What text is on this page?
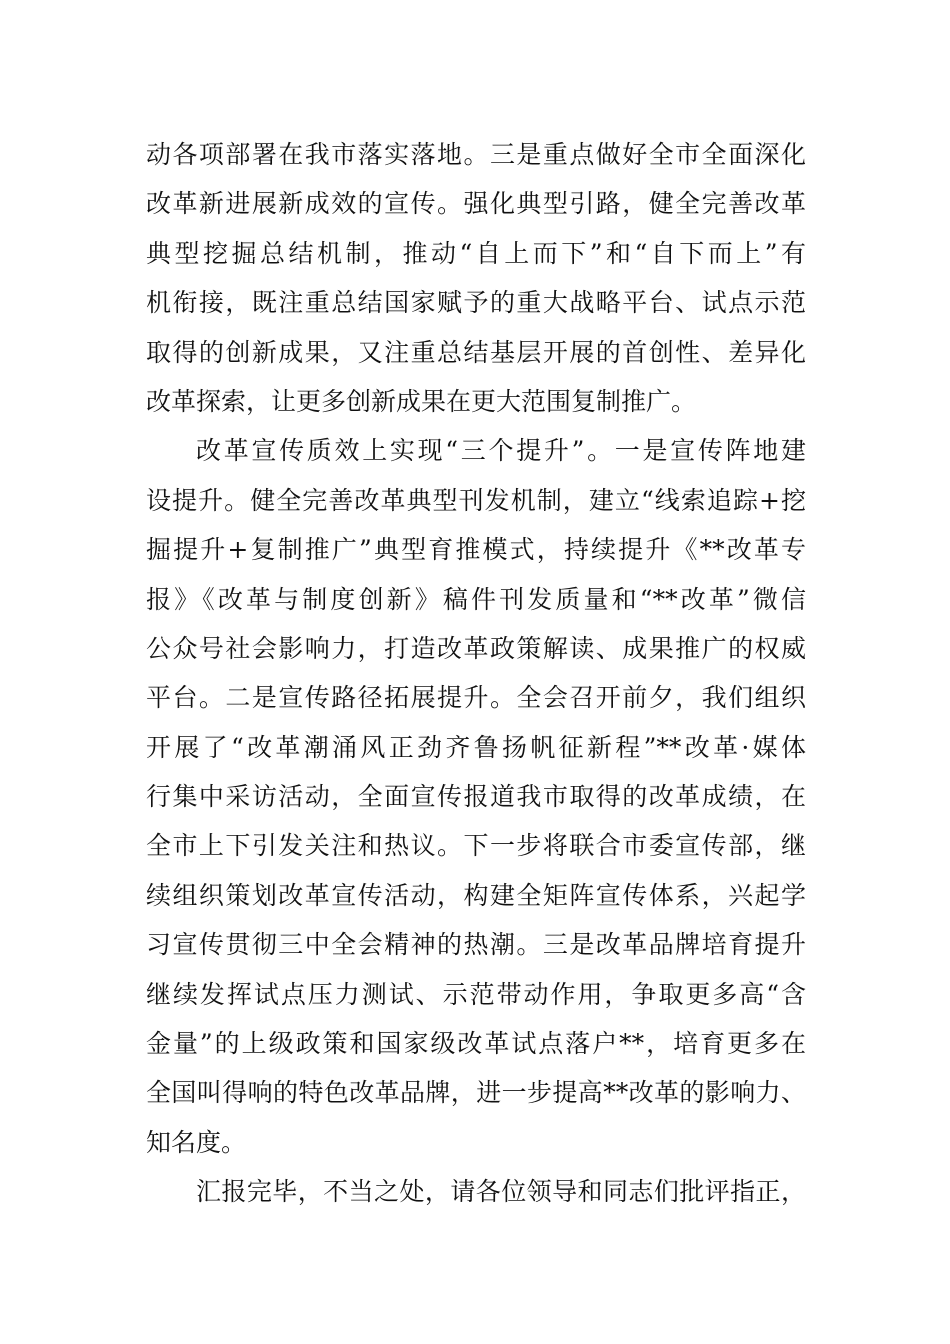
动各项部署在我市落实落地。三是重点做好全市全面深化
改革新进展新成效的宣传。强化典型引路，健全完善改革
典型挖掘总结机制，推动“自上而下”和“自下而上”有
机衔接，既注重总结国家赋予的重大战略平台、试点示范
取得的创新成果，又注重总结基层开展的首创性、差异化
改革探索，让更多创新成果在更大范围复制推广。
改革宣传质效上实现“三个提升”。一是宣传阵地建
设提升。健全完善改革典型刊发机制，建立“线索追踪+挖
掘提升+复制推广”典型育推模式，持续提升《**改革专
报》《改革与制度创新》稿件刊发质量和“**改革”微信
公众号社会影响力，打造改革政策解读、成果推广的权威
平台。二是宣传路径拓展提升。全会召开前夕，我们组织
开展了“改革潮涌风正劲齐鲁扬帆征新程”**改革·媒体
行集中采访活动，全面宣传报道我市取得的改革成绩，在
全市上下引发关注和热议。下一步将联合市委宣传部，继
续组织策划改革宣传活动，构建全矩阵宣传体系，兴起学
习宣传贯彻三中全会精神的热潮。三是改革品牌培育提升
继续发挥试点压力测试、示范带动作用，争取更多高“含
金量”的上级政策和国家级改革试点落户**，培育更多在
全国叫得响的特色改革品牌，进一步提高**改革的影响力、
知名度。
汇报完毕，不当之处，请各位领导和同志们批评指正，
